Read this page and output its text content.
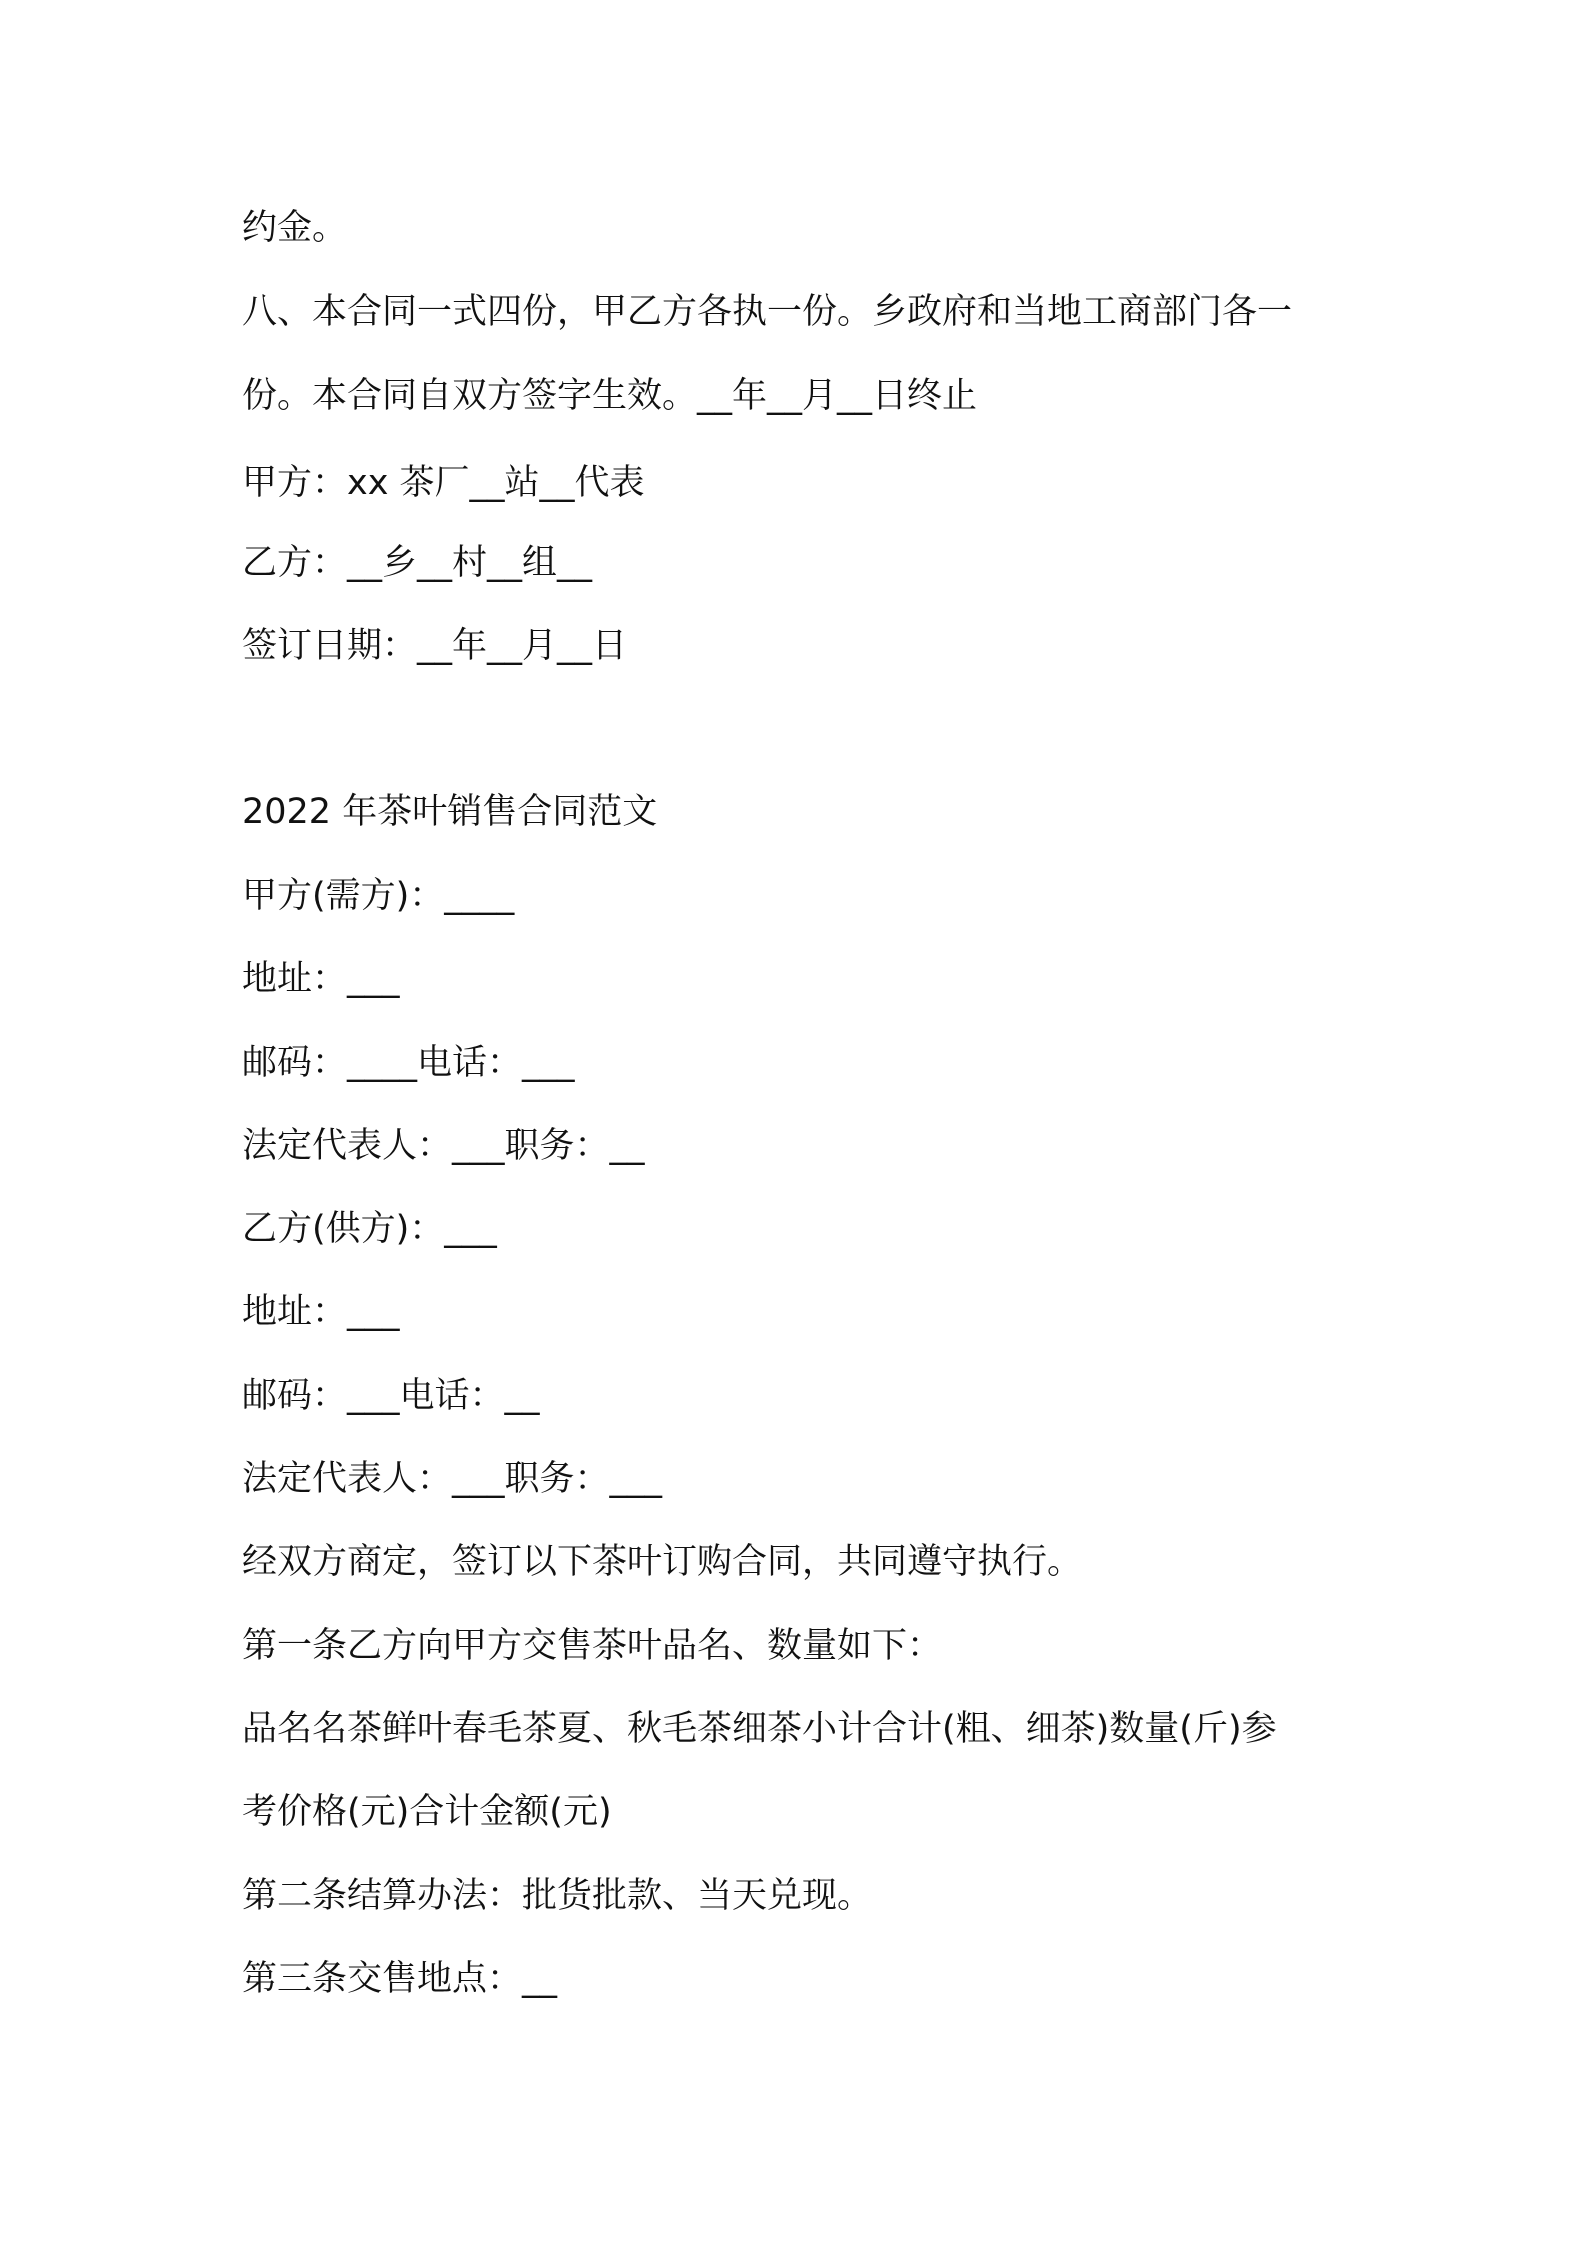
约金。
八、本合同一式四份，甲乙方各执一份。乡政府和当地工商部门各一
份。本合同自双方签字生效。__年__月__日终止
甲方：xx 茶厂__站__代表
乙方：__乡__村__组__
签订日期：__年__月__日
2022 年茶叶销售合同范文
甲方(需方)：____
地址：___
邮码：____电话：___
法定代表人：___职务：__
乙方(供方)：___
地址：___
邮码：___电话：__
法定代表人：___职务：___
经双方商定，签订以下茶叶订购合同，共同遵守执行。
第一条乙方向甲方交售茶叶品名、数量如下：
品名名茶鲜叶春毛茶夏、秋毛茶细茶小计合计(粗、细茶)数量(斤)参
考价格(元)合计金额(元)
第二条结算办法：批货批款、当天兑现。
第三条交售地点：__
